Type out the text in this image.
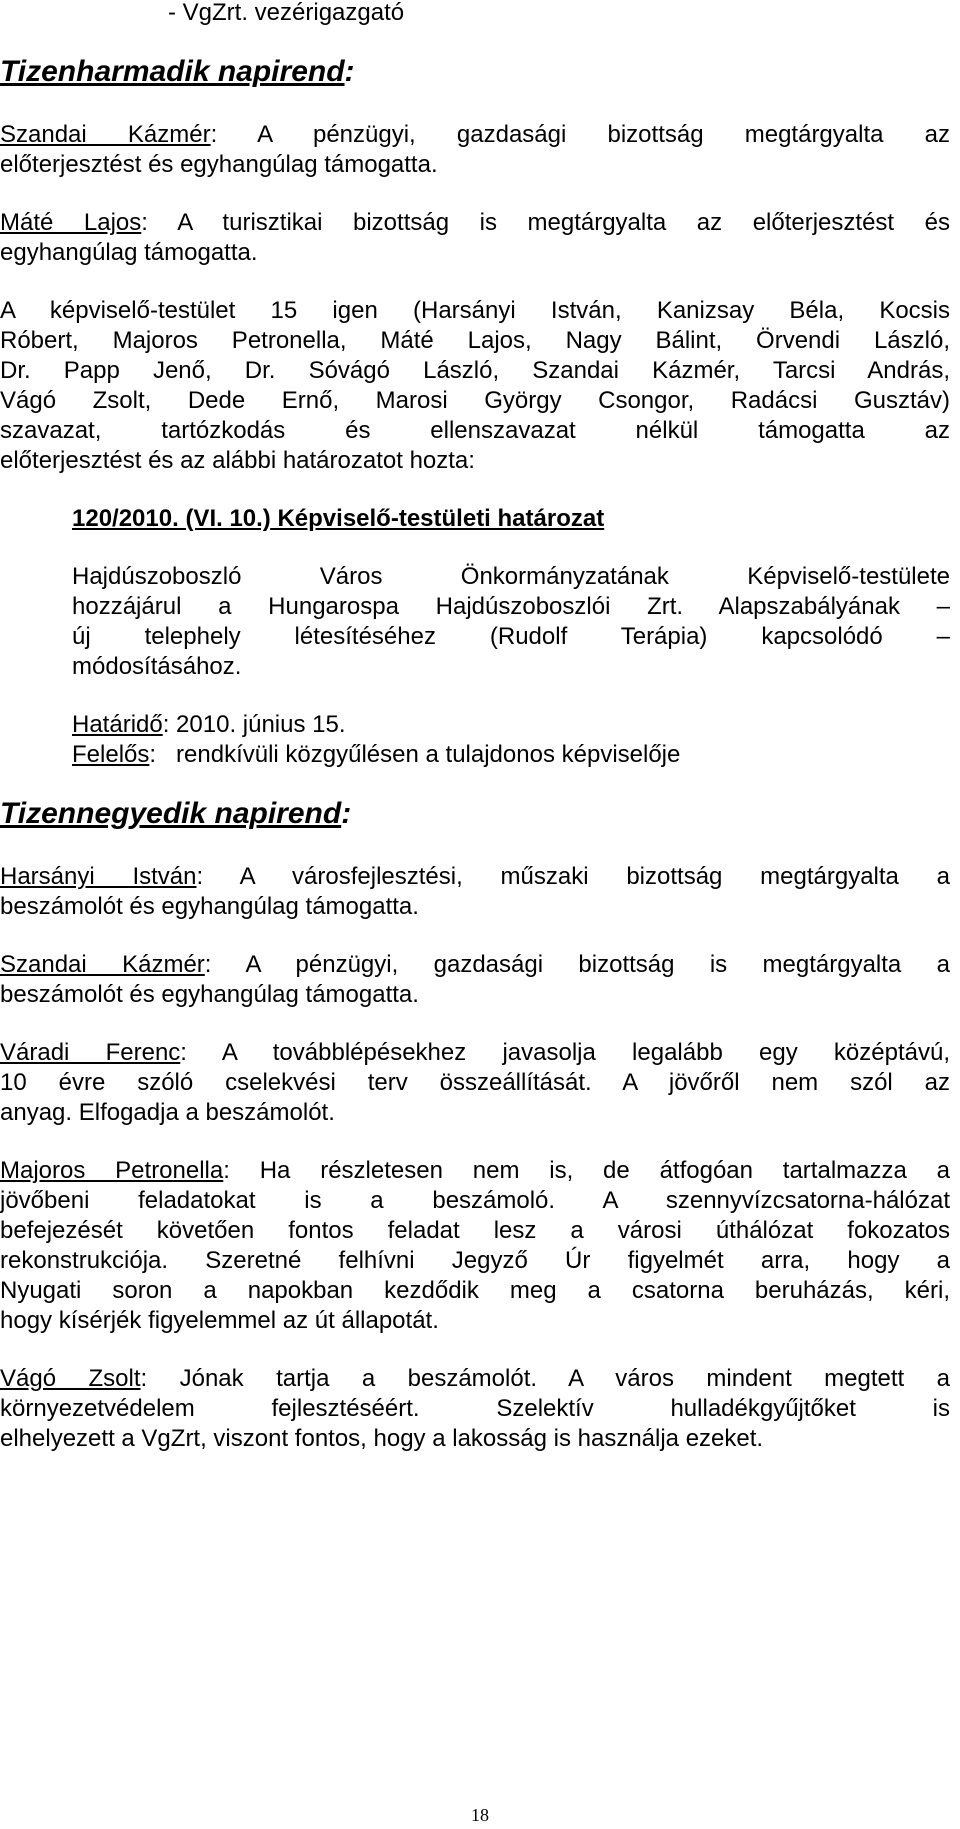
- VgZrt. vezérigazgató
Tizenharmadik napirend:
Szandai Kázmér: A pénzügyi, gazdasági bizottság megtárgyalta az
előterjesztést és egyhangúlag támogatta.
Máté Lajos: A turisztikai bizottság is megtárgyalta az előterjesztést és
egyhangúlag támogatta.
A képviselő-testület 15 igen (Harsányi István, Kanizsay Béla, Kocsis
Róbert, Majoros Petronella, Máté Lajos, Nagy Bálint, Örvendi László,
Dr. Papp Jenő, Dr. Sóvágó László, Szandai Kázmér, Tarcsi András,
Vágó Zsolt, Dede Ernő, Marosi György Csongor, Radácsi Gusztáv)
szavazat, tartózkodás és ellenszavazat nélkül támogatta az
előterjesztést és az alábbi határozatot hozta:
120/2010. (VI. 10.) Képviselő-testületi határozat
Hajdúszoboszló Város Önkormányzatának Képviselő-testülete
hozzájárul a Hungarospa Hajdúszoboszlói Zrt. Alapszabályának –
új telephely létesítéséhez (Rudolf Terápia) kapcsolódó –
módosításához.
Határidő: 2010. június 15.
Felelős:   rendkívüli közgyűlésen a tulajdonos képviselője
Tizennegyedik napirend:
Harsányi István: A városfejlesztési, műszaki bizottság megtárgyalta a
beszámolót és egyhangúlag támogatta.
Szandai Kázmér: A pénzügyi, gazdasági bizottság is megtárgyalta a
beszámolót és egyhangúlag támogatta.
Váradi Ferenc: A továbblépésekhez javasolja legalább egy középtávú,
10 évre szóló cselekvési terv összeállítását. A jövőről nem szól az
anyag. Elfogadja a beszámolót.
Majoros Petronella: Ha részletesen nem is, de átfogóan tartalmazza a
jövőbeni feladatokat is a beszámoló. A szennyvízcsatorna-hálózat
befejezését követően fontos feladat lesz a városi úthálózat fokozatos
rekonstrukciója. Szeretné felhívni Jegyző Úr figyelmét arra, hogy a
Nyugati soron a napokban kezdődik meg a csatorna beruházás, kéri,
hogy kísérjék figyelemmel az út állapotát.
Vágó Zsolt: Jónak tartja a beszámolót. A város mindent megtett a
környezetvédelem fejlesztéséért. Szelektív hulladékgyűjtőket is
elhelyezett a VgZrt, viszont fontos, hogy a lakosság is használja ezeket.
18
